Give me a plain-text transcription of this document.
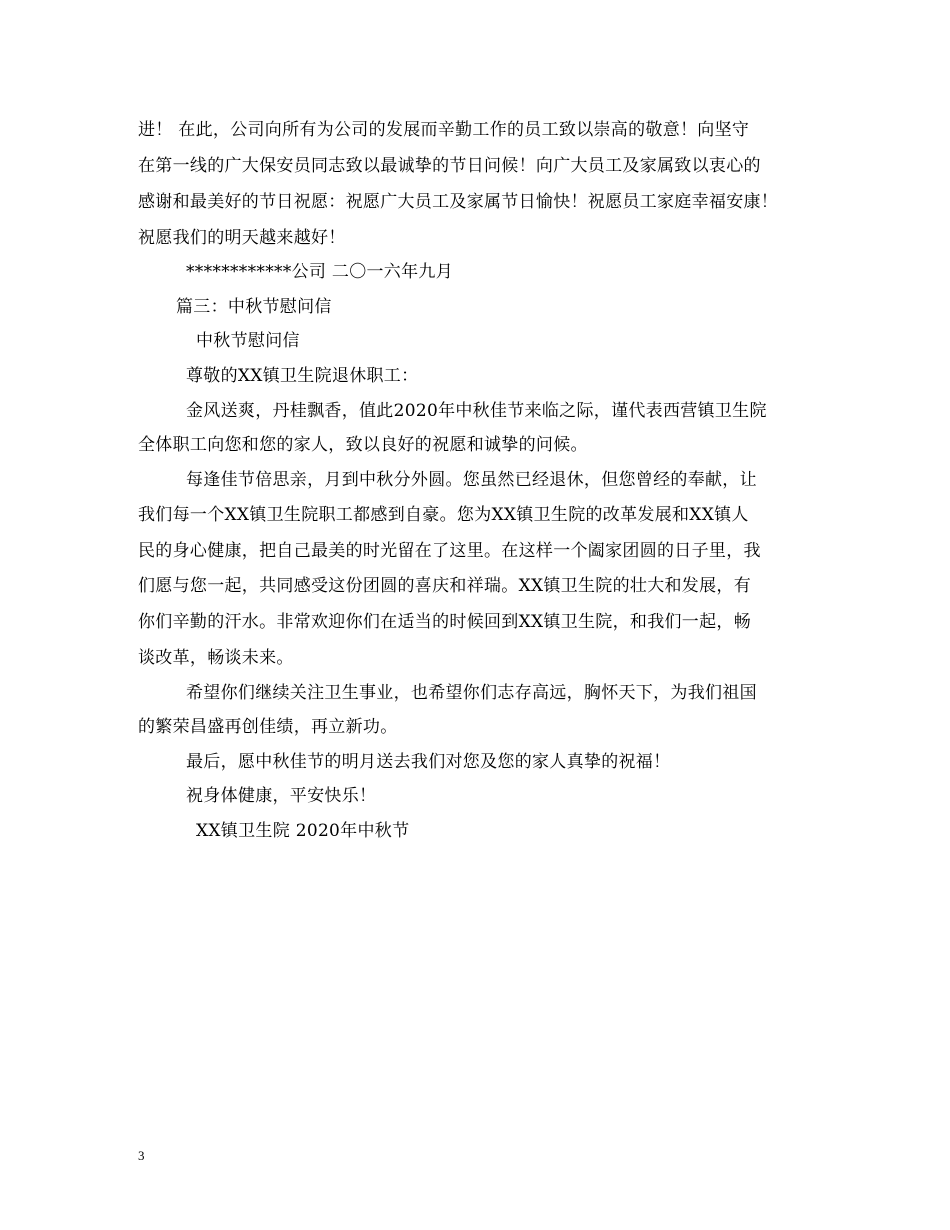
进！ 在此，公司向所有为公司的发展而辛勤工作的员工致以崇高的敬意！向坚守
在第一线的广大保安员同志致以最诚挚的节日问候！向广大员工及家属致以衷心的
感谢和最美好的节日祝愿：祝愿广大员工及家属节日愉快！祝愿员工家庭幸福安康！
祝愿我们的明天越来越好！
************公司 二〇一六年九月
篇三：中秋节慰问信
中秋节慰问信
尊敬的XX镇卫生院退休职工：
金风送爽，丹桂飘香，值此2020年中秋佳节来临之际，谨代表西营镇卫生院
全体职工向您和您的家人，致以良好的祝愿和诚挚的问候。
每逢佳节倍思亲，月到中秋分外圆。您虽然已经退休，但您曾经的奉献，让
我们每一个XX镇卫生院职工都感到自豪。您为XX镇卫生院的改革发展和XX镇人
民的身心健康，把自己最美的时光留在了这里。在这样一个阖家团圆的日子里，我
们愿与您一起，共同感受这份团圆的喜庆和祥瑞。XX镇卫生院的壮大和发展，有
你们辛勤的汗水。非常欢迎你们在适当的时候回到XX镇卫生院，和我们一起，畅
谈改革，畅谈未来。
希望你们继续关注卫生事业，也希望你们志存高远，胸怀天下，为我们祖国
的繁荣昌盛再创佳绩，再立新功。
最后，愿中秋佳节的明月送去我们对您及您的家人真挚的祝福！
祝身体健康，平安快乐！
XX镇卫生院 2020年中秋节
3
